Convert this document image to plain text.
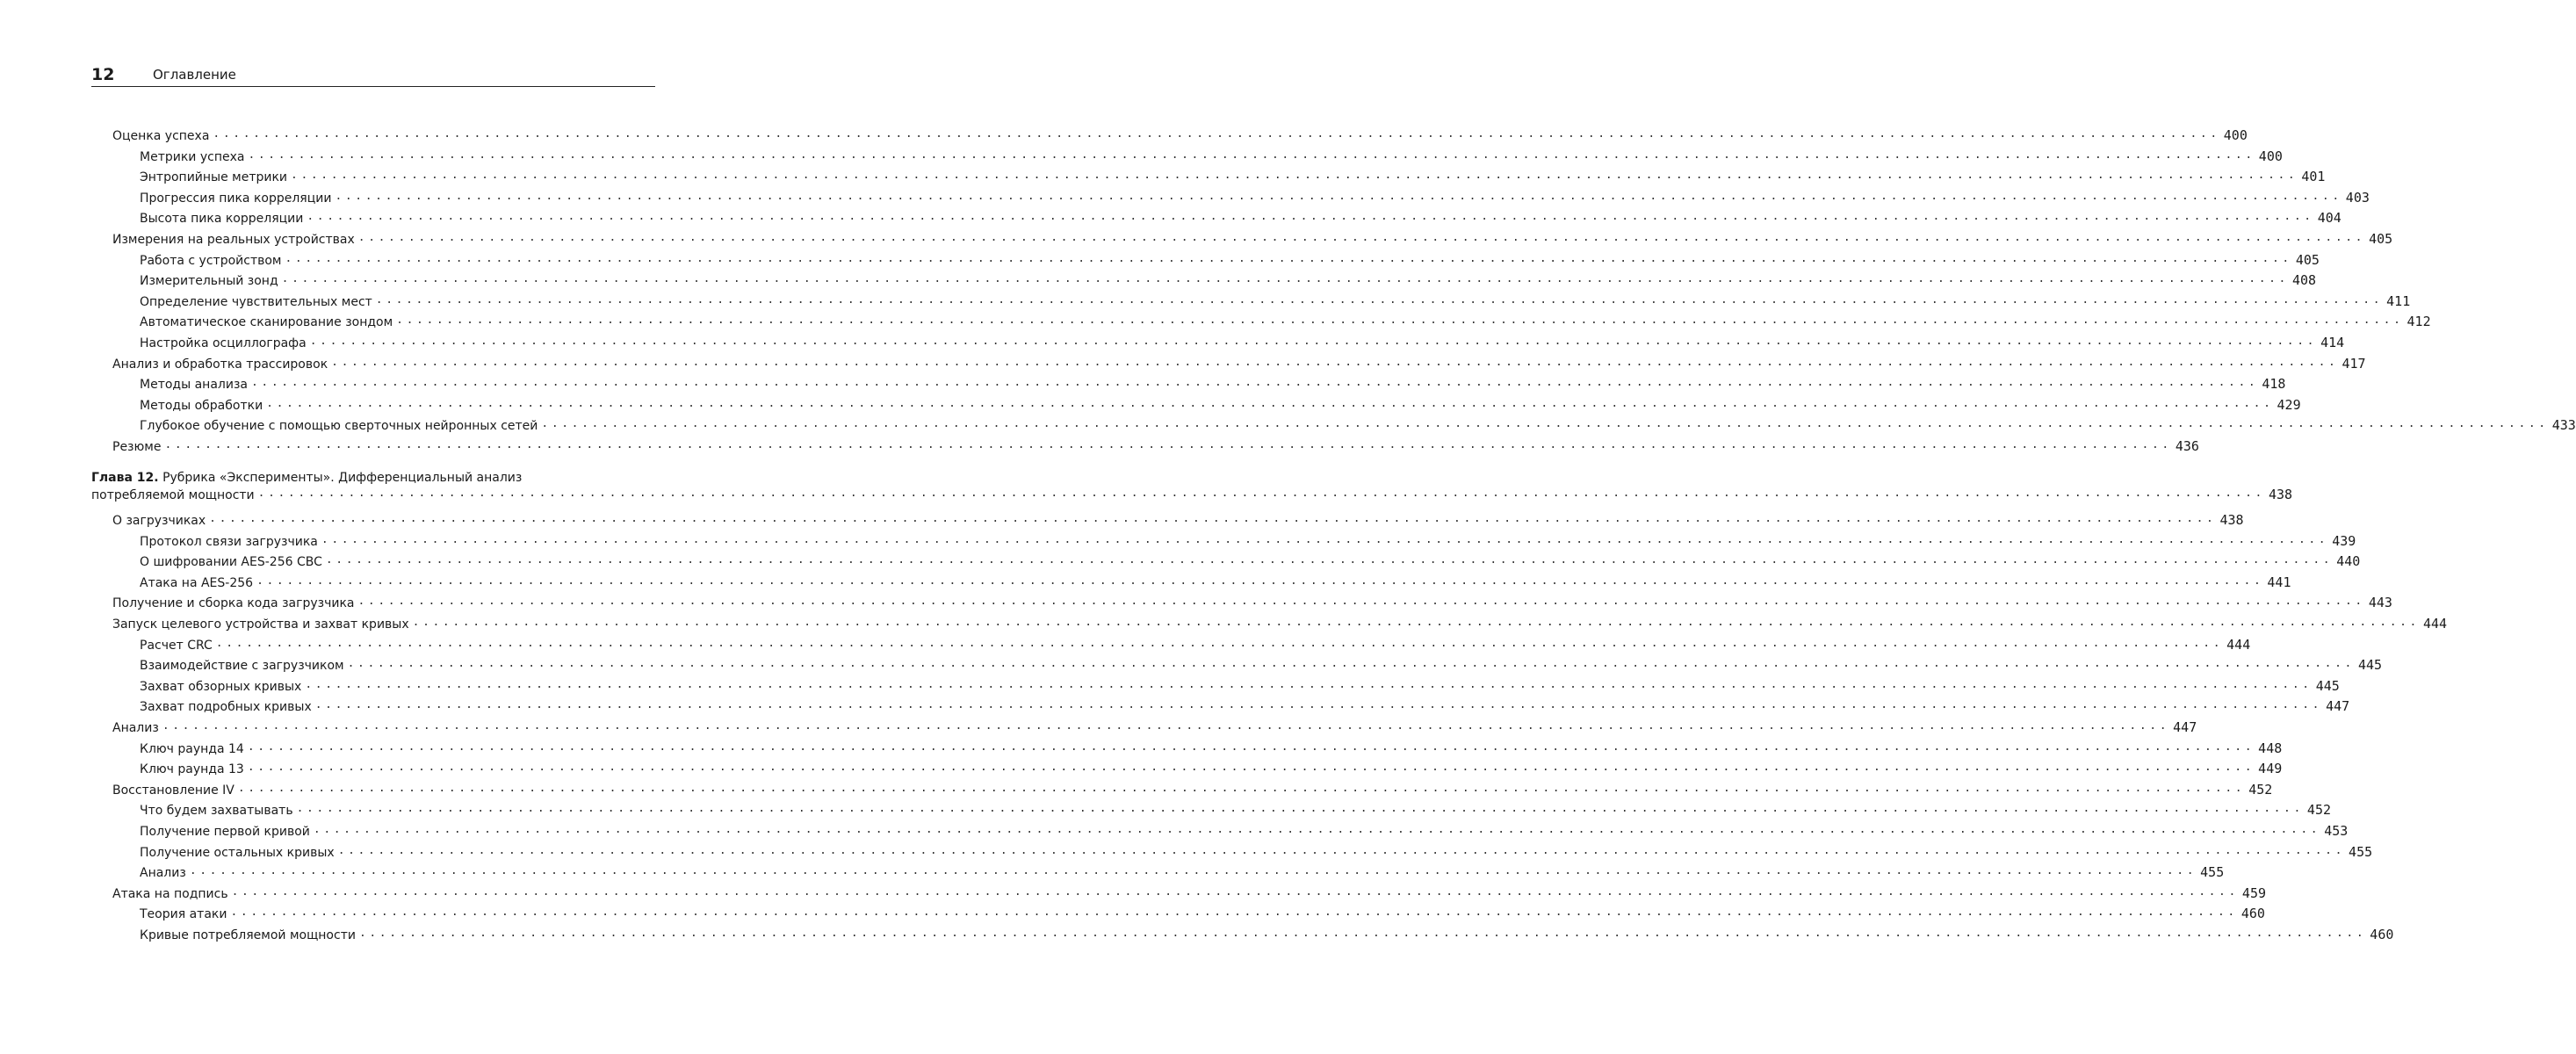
12	Оглавление
Глава 12. Рубрика «Эксперименты». Дифференциальный анализ
потребляемой мощности ........................................................................................................................................................................................................ 438
Оценка успеха ........................................................................................................................................................................................................ 400
Метрики успеха ........................................................................................................................................................................................................ 400
Энтропийные метрики ........................................................................................................................................................................................................ 401
Прогрессия пика корреляции ........................................................................................................................................................................................................ 403
Высота пика корреляции ........................................................................................................................................................................................................ 404
Измерения на реальных устройствах ........................................................................................................................................................................................................ 405
Работа с устройством ........................................................................................................................................................................................................ 405
Измерительный зонд ........................................................................................................................................................................................................ 408
Определение чувствительных мест ........................................................................................................................................................................................................ 411
Автоматическое сканирование зондом ........................................................................................................................................................................................................ 412
Настройка осциллографа ........................................................................................................................................................................................................ 414
Анализ и обработка трассировок ........................................................................................................................................................................................................ 417
Методы анализа ........................................................................................................................................................................................................ 418
Методы обработки ........................................................................................................................................................................................................ 429
Глубокое обучение с помощью сверточных нейронных сетей ........................................................................................................................................................................................................ 433
Резюме ........................................................................................................................................................................................................ 436
О загрузчиках ........................................................................................................................................................................................................ 438
Протокол связи загрузчика ........................................................................................................................................................................................................ 439
О шифровании AES-256 CBC ........................................................................................................................................................................................................ 440
Атака на AES-256 ........................................................................................................................................................................................................ 441
Получение и сборка кода загрузчика ........................................................................................................................................................................................................ 443
Запуск целевого устройства и захват кривых ........................................................................................................................................................................................................ 444
Расчет CRC ........................................................................................................................................................................................................ 444
Взаимодействие с загрузчиком ........................................................................................................................................................................................................ 445
Захват обзорных кривых ........................................................................................................................................................................................................ 445
Захват подробных кривых ........................................................................................................................................................................................................ 447
Анализ ........................................................................................................................................................................................................ 447
Ключ раунда 14 ........................................................................................................................................................................................................ 448
Ключ раунда 13 ........................................................................................................................................................................................................ 449
Восстановление IV ........................................................................................................................................................................................................ 452
Что будем захватывать ........................................................................................................................................................................................................ 452
Получение первой кривой ........................................................................................................................................................................................................ 453
Получение остальных кривых ........................................................................................................................................................................................................ 455
Анализ ........................................................................................................................................................................................................ 455
Атака на подпись ........................................................................................................................................................................................................ 459
Теория атаки ........................................................................................................................................................................................................ 460
Кривые потребляемой мощности ........................................................................................................................................................................................................ 460
